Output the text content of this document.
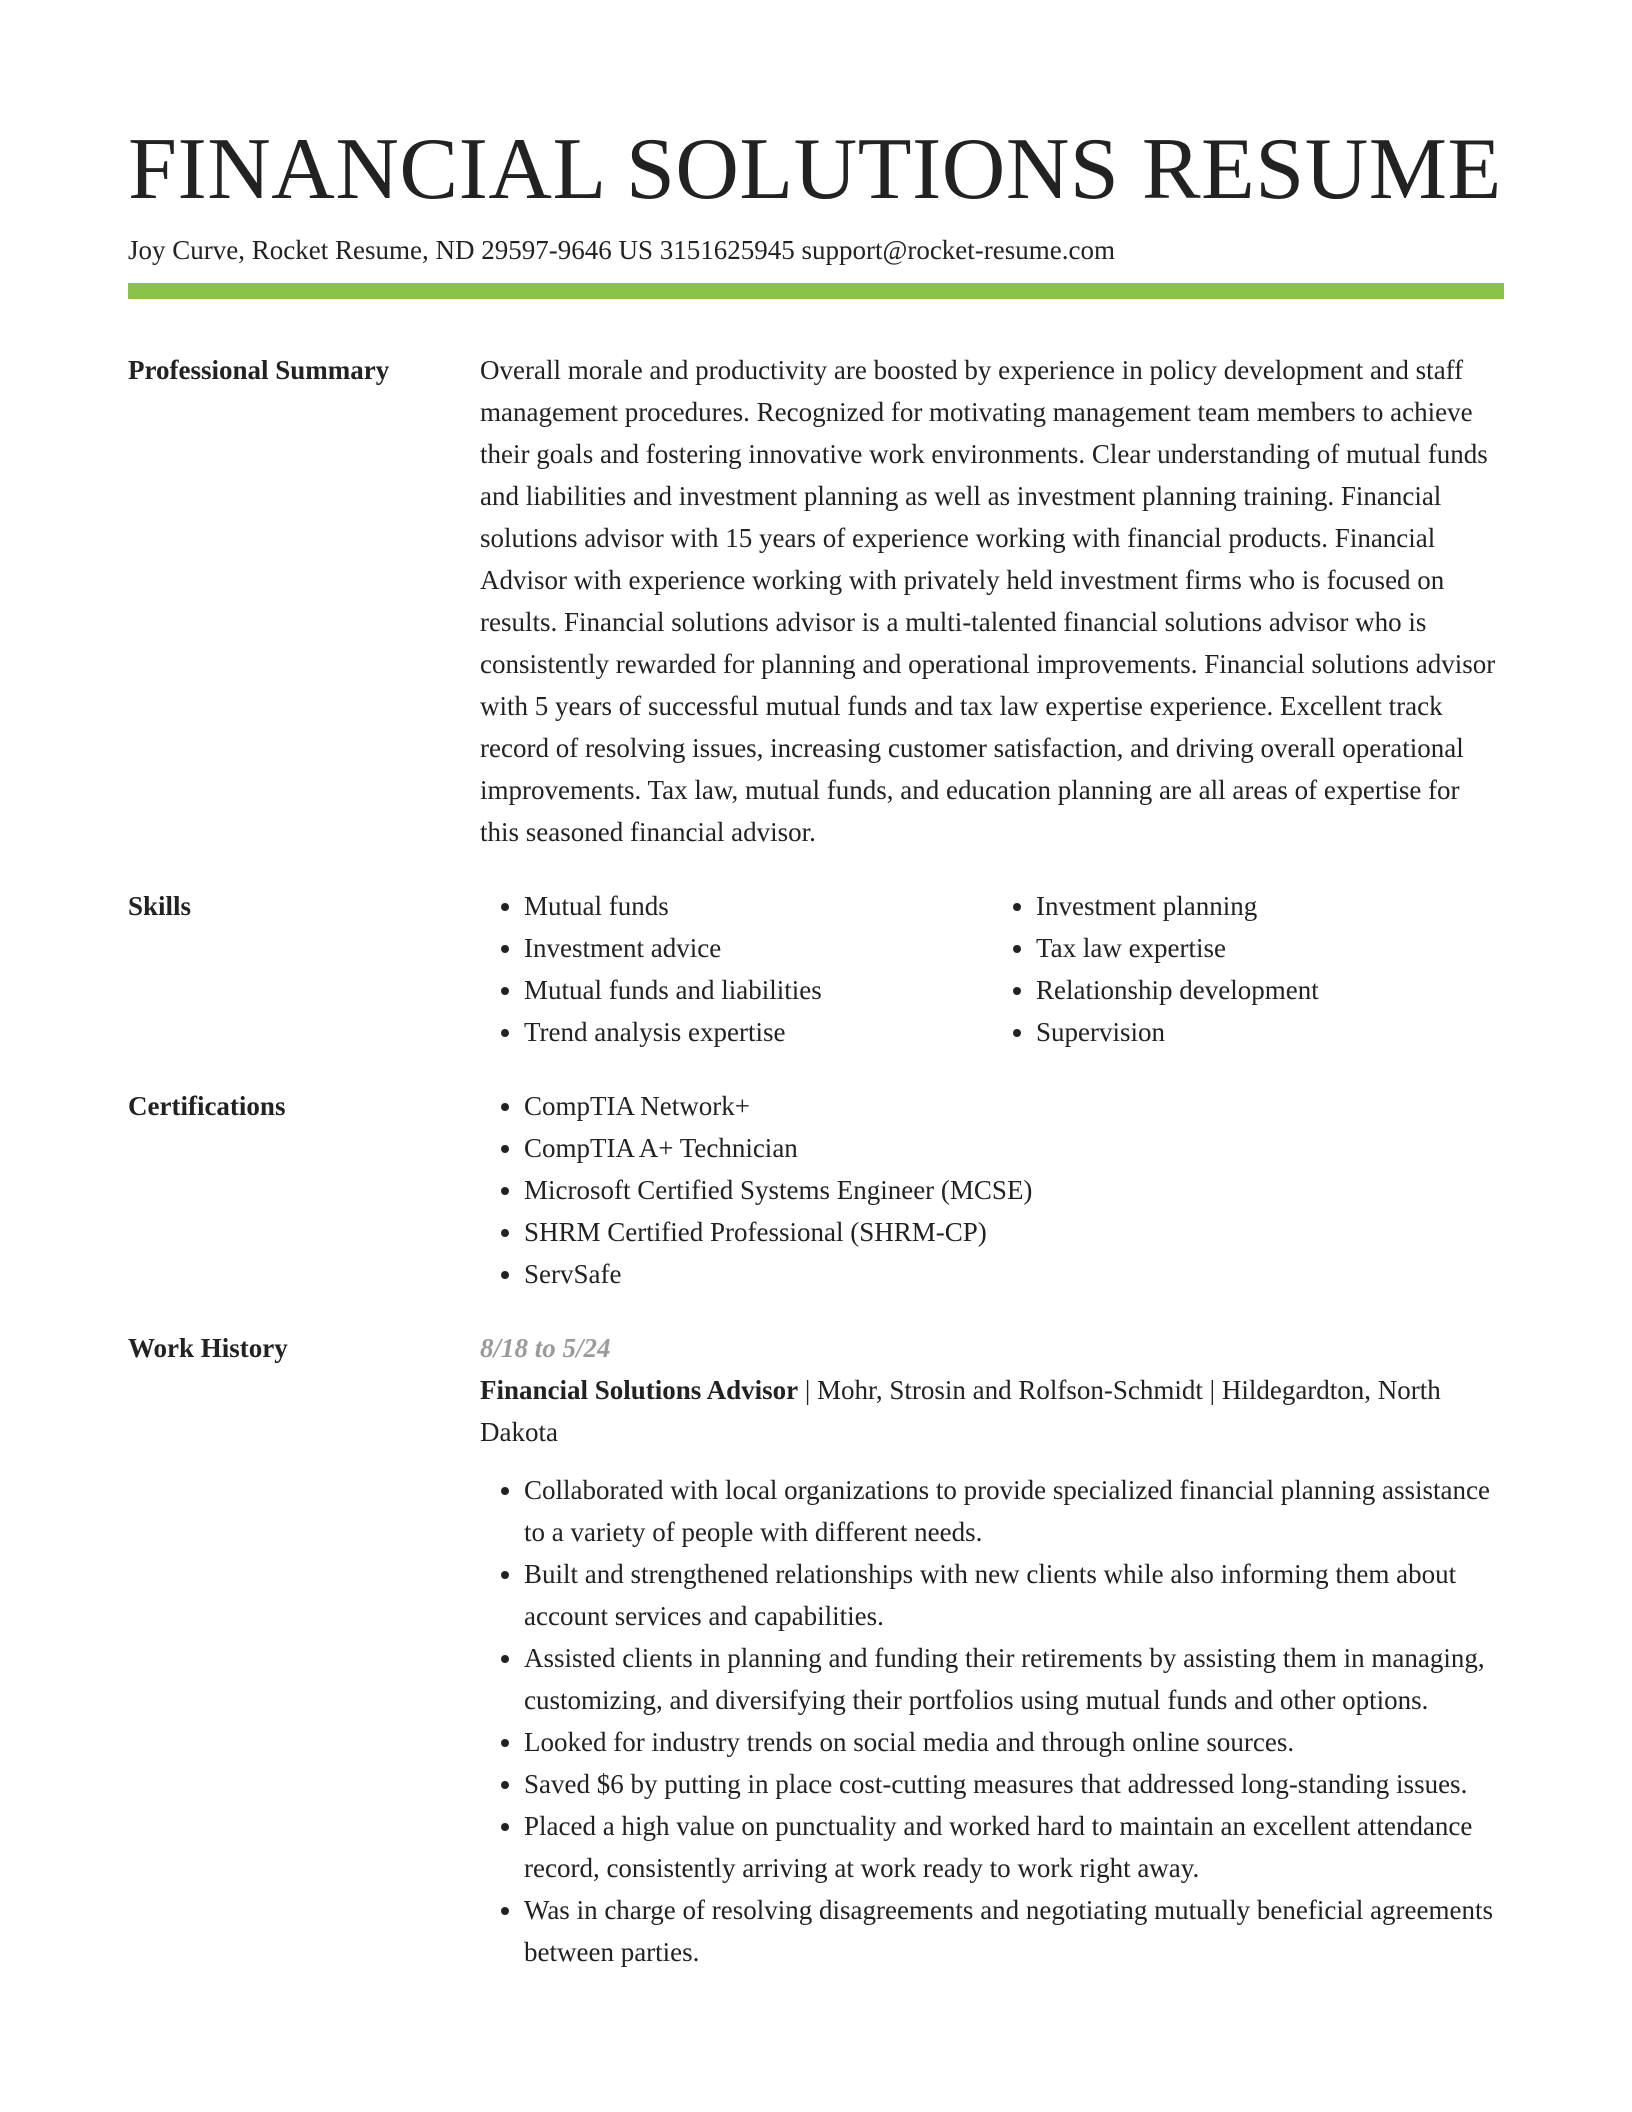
FINANCIAL SOLUTIONS RESUME
Joy Curve, Rocket Resume, ND 29597-9646 US 3151625945 support@rocket-resume.com
Professional Summary	Overall morale and productivity are boosted by experience in policy development and staff management procedures. Recognized for motivating management team members to achieve their goals and fostering innovative work environments. Clear understanding of mutual funds and liabilities and investment planning as well as investment planning training. Financial solutions advisor with 15 years of experience working with financial products. Financial Advisor with experience working with privately held investment firms who is focused on results. Financial solutions advisor is a multi-talented financial solutions advisor who is consistently rewarded for planning and operational improvements. Financial solutions advisor with 5 years of successful mutual funds and tax law expertise experience. Excellent track record of resolving issues, increasing customer satisfaction, and driving overall operational improvements. Tax law, mutual funds, and education planning are all areas of expertise for this seasoned financial advisor.

Skills	• Mutual funds
• Investment advice
• Mutual funds and liabilities
• Trend analysis expertise
• Investment planning
• Tax law expertise
• Relationship development
• Supervision
Certifications	• CompTIA Network+
• CompTIA A+ Technician
• Microsoft Certified Systems Engineer (MCSE)
• SHRM Certified Professional (SHRM-CP)
• ServSafe
Work History	8/18 to 5/24
Financial Solutions Advisor | Mohr, Strosin and Rolfson-Schmidt | Hildegardton, North Dakota
• Collaborated with local organizations to provide specialized financial planning assistance to a variety of people with different needs.
• Built and strengthened relationships with new clients while also informing them about account services and capabilities.
• Assisted clients in planning and funding their retirements by assisting them in managing, customizing, and diversifying their portfolios using mutual funds and other options.
• Looked for industry trends on social media and through online sources.
• Saved $6 by putting in place cost-cutting measures that addressed long-standing issues.
• Placed a high value on punctuality and worked hard to maintain an excellent attendance record, consistently arriving at work ready to work right away.
• Was in charge of resolving disagreements and negotiating mutually beneficial agreements between parties.
